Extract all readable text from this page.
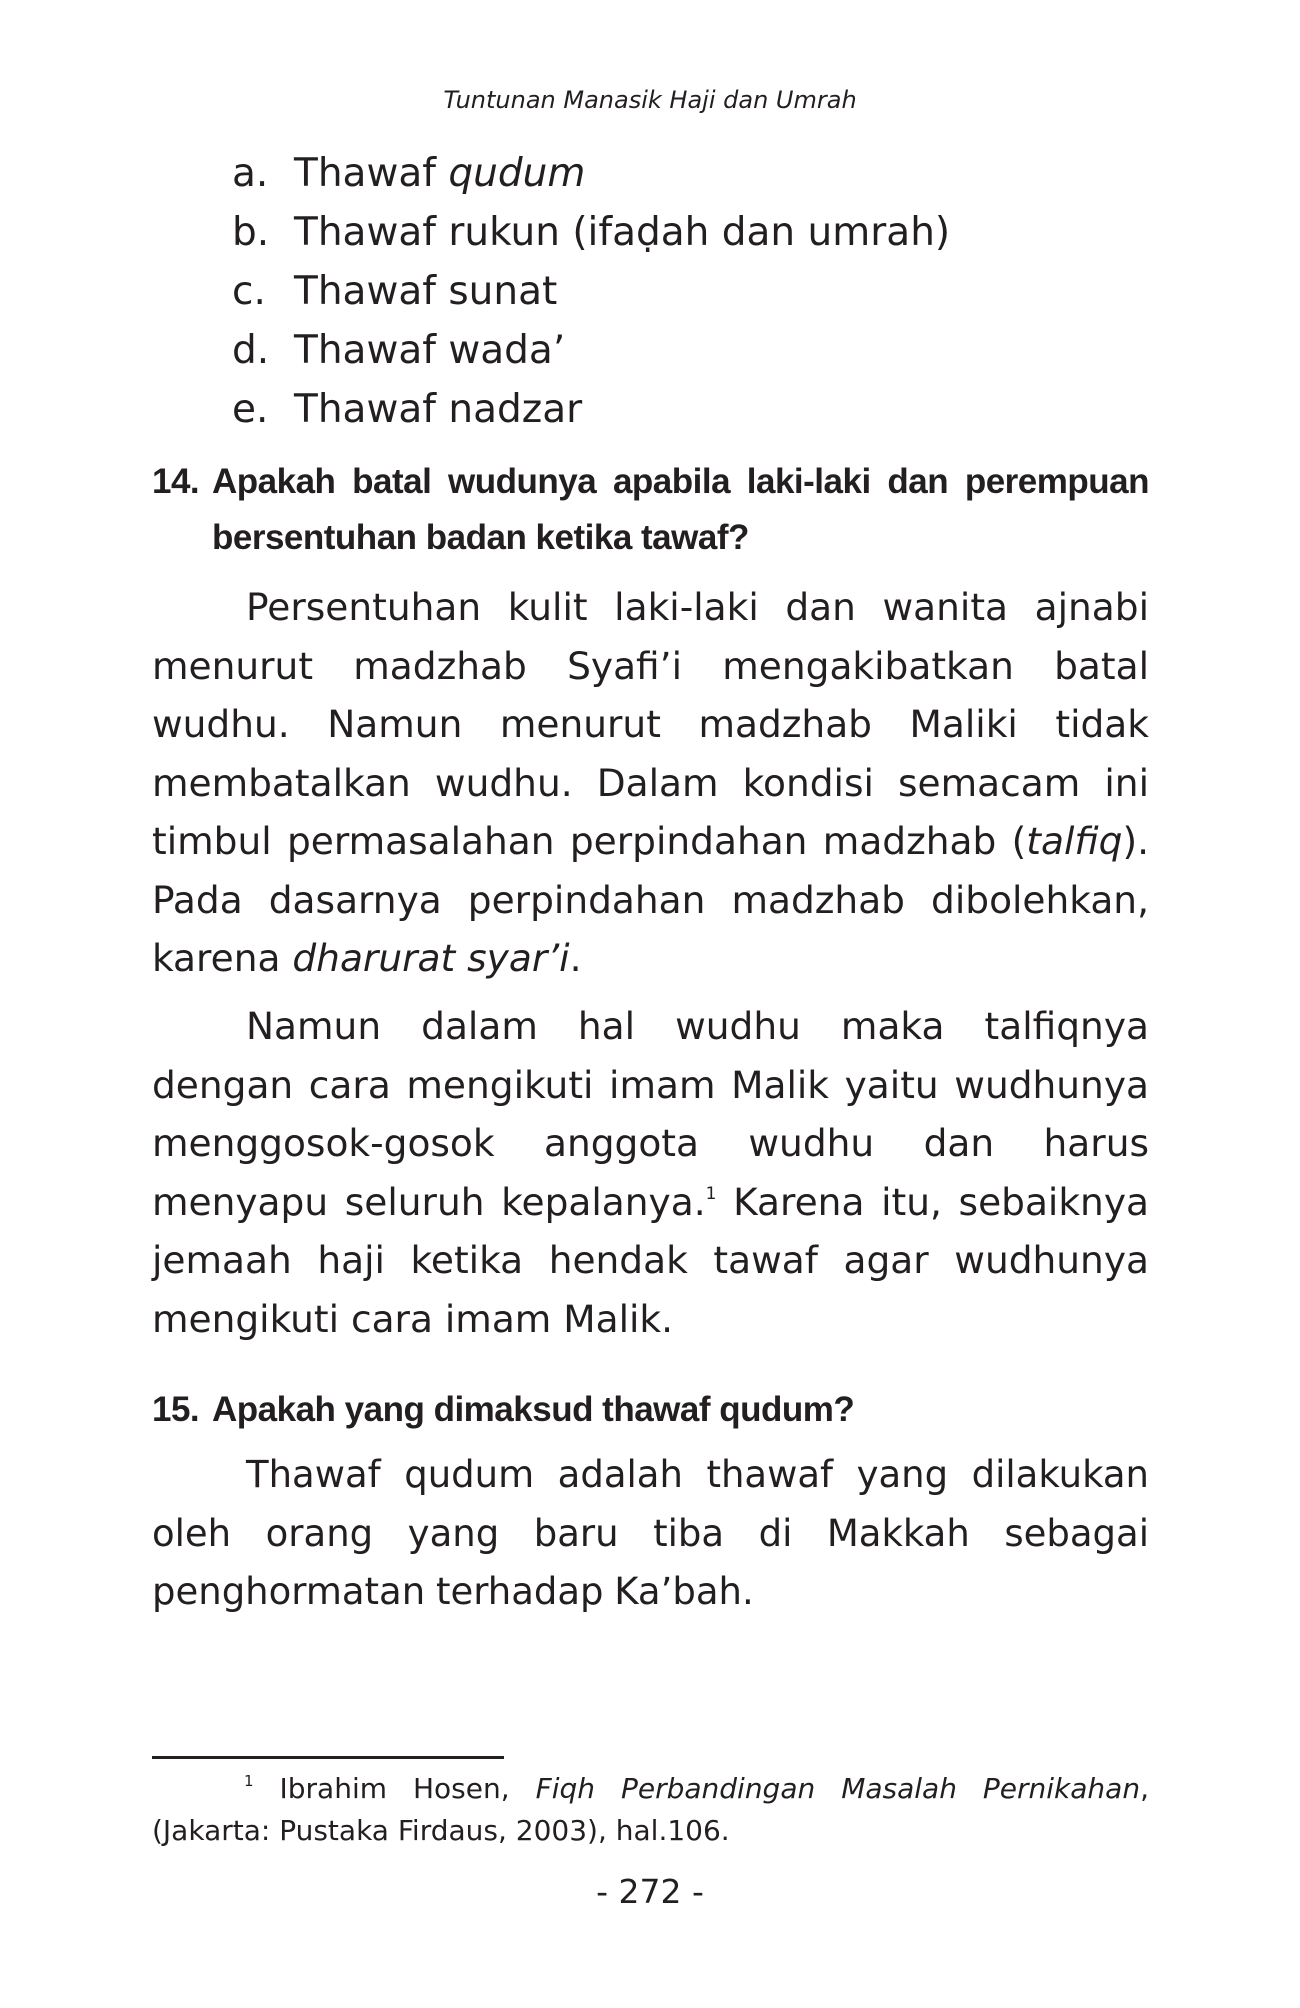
Tuntunan Manasik Haji dan Umrah
a. Thawaf qudum
b. Thawaf rukun (ifaḍah dan umrah)
c. Thawaf sunat
d. Thawaf wada’
e. Thawaf nadzar
14. Apakah batal wudunya apabila laki-laki dan perempuan bersentuhan badan ketika tawaf?

Persentuhan kulit laki-laki dan wanita ajnabi menurut madzhab Syafi’i mengakibatkan batal wudhu. Namun menurut madzhab Maliki tidak membatalkan wudhu. Dalam kondisi semacam ini timbul permasalahan perpindahan madzhab (talfiq). Pada dasarnya perpindahan madzhab dibolehkan, karena dharurat syar’i.

Namun dalam hal wudhu maka talfiqnya dengan cara mengikuti imam Malik yaitu wudhunya menggosok-gosok anggota wudhu dan harus menyapu seluruh kepalanya.$^1$ Karena itu, sebaiknya jemaah haji ketika hendak tawaf agar wudhunya mengikuti cara imam Malik.

15. Apakah yang dimaksud thawaf qudum?

Thawaf qudum adalah thawaf yang dilakukan oleh orang yang baru tiba di Makkah sebagai penghormatan terhadap Ka’bah.

$^1$ Ibrahim Hosen, Fiqh Perbandingan Masalah Pernikahan, (Jakarta: Pustaka Firdaus, 2003), hal.106.

- 272 -
